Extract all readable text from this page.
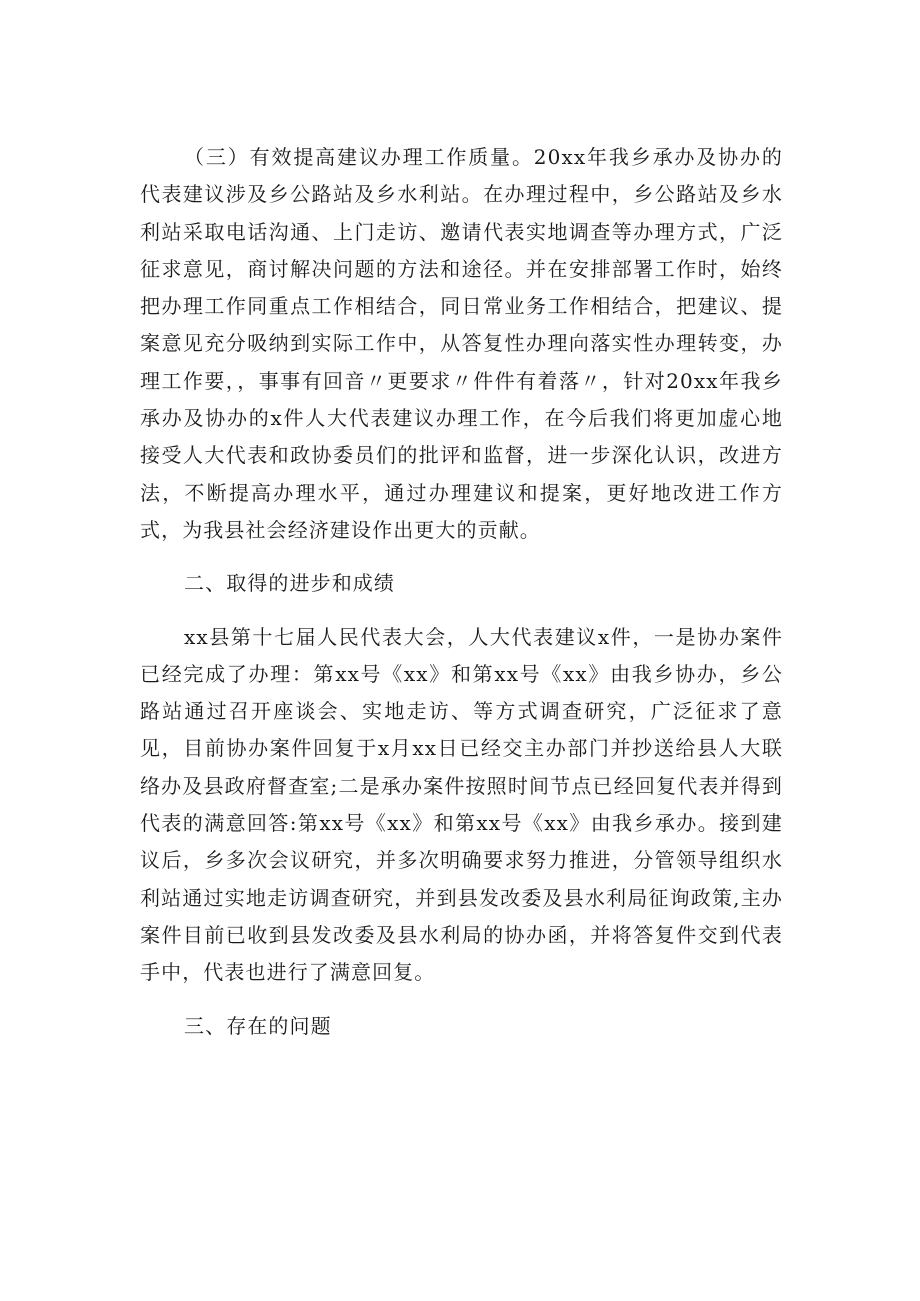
（三）有效提高建议办理工作质量。20xx年我乡承办及协办的代表建议涉及乡公路站及乡水利站。在办理过程中，乡公路站及乡水利站采取电话沟通、上门走访、邀请代表实地调查等办理方式，广泛征求意见，商讨解决问题的方法和途径。并在安排部署工作时，始终把办理工作同重点工作相结合，同日常业务工作相结合，把建议、提案意见充分吸纳到实际工作中，从答复性办理向落实性办理转变，办理工作要，，事事有回音〃更要求〃件件有着落〃，针对20xx年我乡承办及协办的x件人大代表建议办理工作，在今后我们将更加虚心地接受人大代表和政协委员们的批评和监督，进一步深化认识，改进方法，不断提高办理水平，通过办理建议和提案，更好地改进工作方式，为我县社会经济建设作出更大的贡献。

二、取得的进步和成绩

xx县第十七届人民代表大会，人大代表建议x件，一是协办案件已经完成了办理：第xx号《xx》和第xx号《xx》由我乡协办，乡公路站通过召开座谈会、实地走访、等方式调查研究，广泛征求了意见，目前协办案件回复于x月xx日已经交主办部门并抄送给县人大联络办及县政府督查室;二是承办案件按照时间节点已经回复代表并得到代表的满意回答:第xx号《xx》和第xx号《xx》由我乡承办。接到建议后，乡多次会议研究，并多次明确要求努力推进，分管领导组织水利站通过实地走访调查研究，并到县发改委及县水利局征询政策,主办案件目前已收到县发改委及县水利局的协办函，并将答复件交到代表手中，代表也进行了满意回复。

三、存在的问题
